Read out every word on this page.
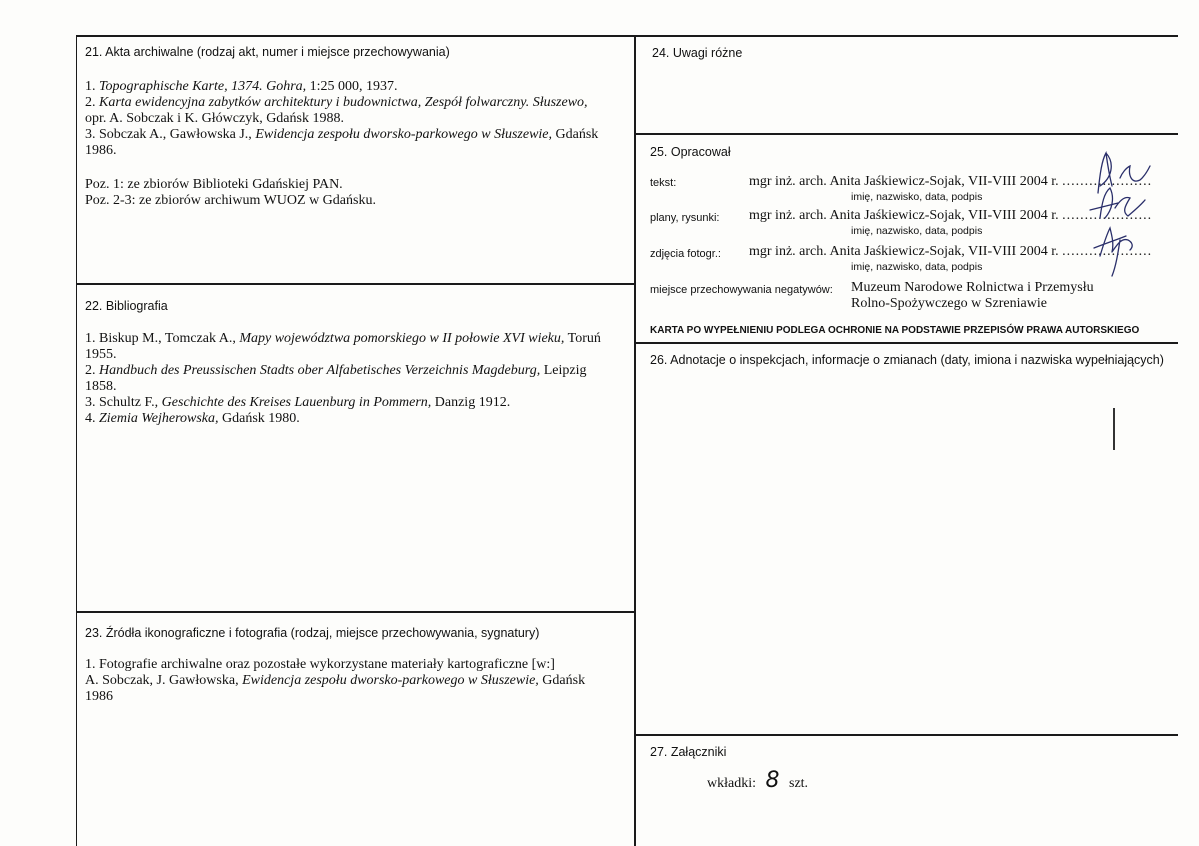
21. Akta archiwalne (rodzaj akt, numer i miejsce przechowywania)
1. Topographische Karte, 1374. Gohra, 1:25 000, 1937.
2. Karta ewidencyjna zabytków architektury i budownictwa, Zespół folwarczny. Słuszewo,
opr. A. Sobczak i K. Główczyk, Gdańsk 1988.
3. Sobczak A., Gawłowska J., Ewidencja zespołu dworsko-parkowego w Słuszewie, Gdańsk
1986.
Poz. 1: ze zbiorów Biblioteki Gdańskiej PAN.
Poz. 2-3: ze zbiorów archiwum WUOZ w Gdańsku.
22. Bibliografia
1. Biskup M., Tomczak A., Mapy województwa pomorskiego w II połowie XVI wieku, Toruń
1955.
2. Handbuch des Preussischen Stadts ober Alfabetisches Verzeichnis Magdeburg, Leipzig
1858.
3. Schultz F., Geschichte des Kreises Lauenburg in Pommern, Danzig 1912.
4. Ziemia Wejherowska, Gdańsk 1980.
23. Źródła ikonograficzne i fotografia (rodzaj, miejsce przechowywania, sygnatury)
1. Fotografie archiwalne oraz pozostałe wykorzystane materiały kartograficzne [w:]
A. Sobczak, J. Gawłowska, Ewidencja zespołu dworsko-parkowego w Słuszewie, Gdańsk
1986
24. Uwagi różne
25. Opracował
tekst:	mgr inż. arch. Anita Jaśkiewicz-Sojak, VII-VIII 2004 r. ....................
imię, nazwisko, data, podpis
plany, rysunki: mgr inż. arch. Anita Jaśkiewicz-Sojak, VII-VIII 2004 r. ....................
imię, nazwisko, data, podpis
zdjęcia fotogr.: mgr inż. arch. Anita Jaśkiewicz-Sojak, VII-VIII 2004 r. ....................
imię, nazwisko, data, podpis
miejsce przechowywania negatywów: Muzeum Narodowe Rolnictwa i Przemysłu
Rolno-Spożywczego w Szreniawie
KARTA PO WYPEŁNIENIU PODLEGA OCHRONIE NA PODSTAWIE PRZEPISÓW PRAWA AUTORSKIEGO
26. Adnotacje o inspekcjach, informacje o zmianach (daty, imiona i nazwiska wypełniających)
27. Załączniki
wkładki: 8 szt.
